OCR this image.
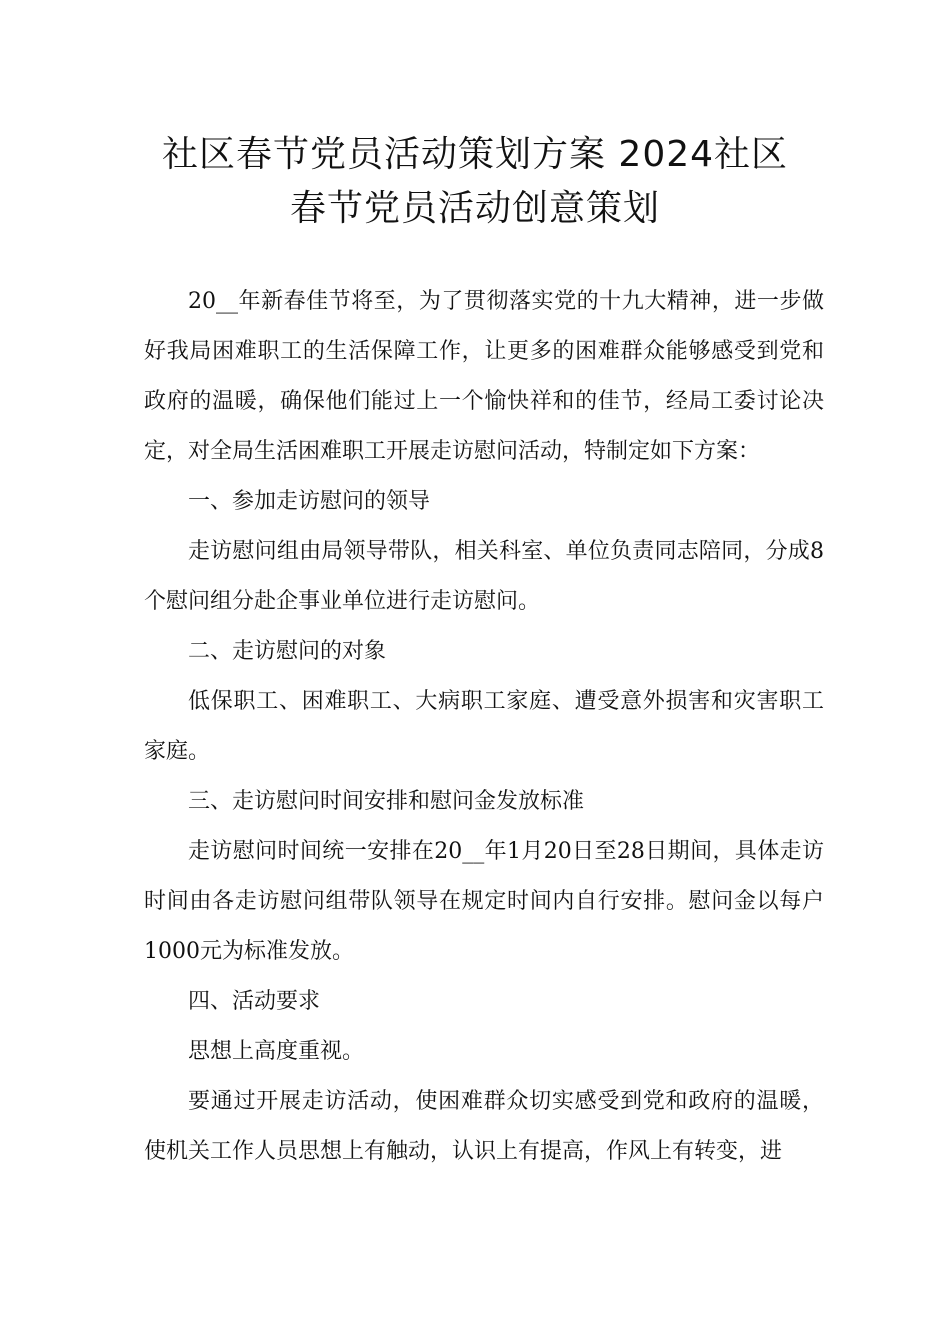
社区春节党员活动策划方案 2024社区
春节党员活动创意策划

20__年新春佳节将至，为了贯彻落实党的十九大精神，进一步做好我局困难职工的生活保障工作，让更多的困难群众能够感受到党和政府的温暖，确保他们能过上一个愉快祥和的佳节，经局工委讨论决定，对全局生活困难职工开展走访慰问活动，特制定如下方案：

一、参加走访慰问的领导

走访慰问组由局领导带队，相关科室、单位负责同志陪同，分成8个慰问组分赴企事业单位进行走访慰问。

二、走访慰问的对象

低保职工、困难职工、大病职工家庭、遭受意外损害和灾害职工家庭。

三、走访慰问时间安排和慰问金发放标准

走访慰问时间统一安排在20__年1月20日至28日期间，具体走访时间由各走访慰问组带队领导在规定时间内自行安排。慰问金以每户1000元为标准发放。

四、活动要求

思想上高度重视。

要通过开展走访活动，使困难群众切实感受到党和政府的温暖，使机关工作人员思想上有触动，认识上有提高，作风上有转变，进
